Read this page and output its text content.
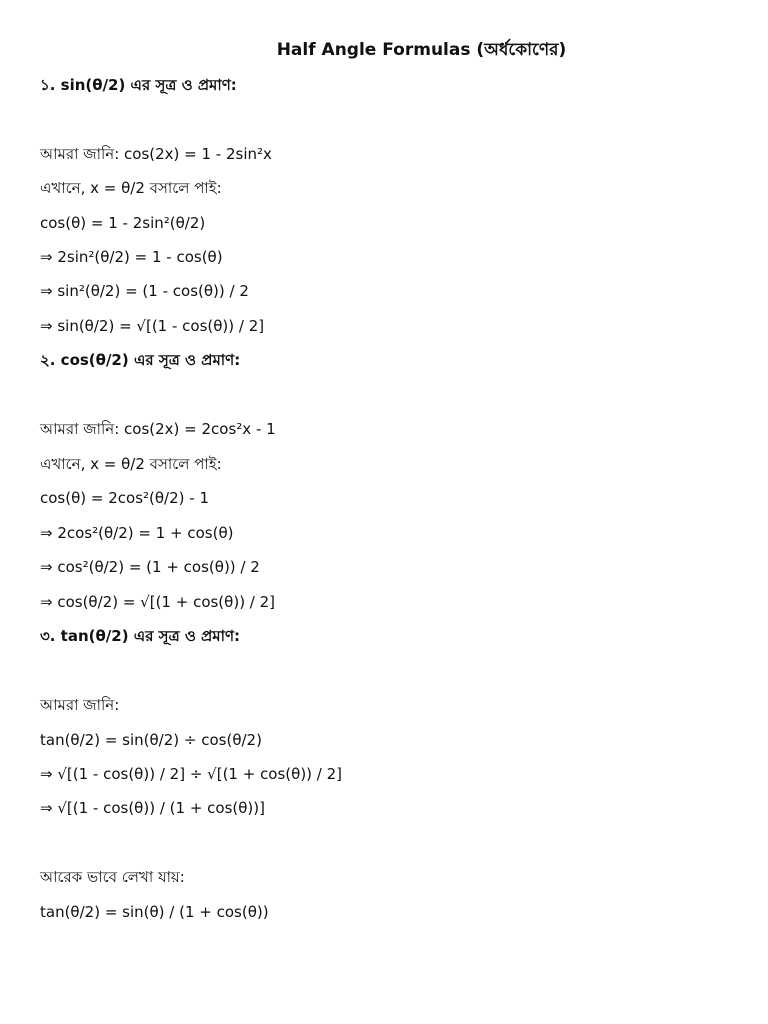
Half Angle Formulas (অর্ধকোণের)
১. sin(θ/2) এর সূত্র ও প্রমাণ:
আমরা জানি: cos(2x) = 1 - 2sin²x
এখানে, x = θ/2 বসালে পাই:
cos(θ) = 1 - 2sin²(θ/2)
⇒ 2sin²(θ/2) = 1 - cos(θ)
⇒ sin²(θ/2) = (1 - cos(θ)) / 2
⇒ sin(θ/2) = √[(1 - cos(θ)) / 2]
২. cos(θ/2) এর সূত্র ও প্রমাণ:
আমরা জানি: cos(2x) = 2cos²x - 1
এখানে, x = θ/2 বসালে পাই:
cos(θ) = 2cos²(θ/2) - 1
⇒ 2cos²(θ/2) = 1 + cos(θ)
⇒ cos²(θ/2) = (1 + cos(θ)) / 2
⇒ cos(θ/2) = √[(1 + cos(θ)) / 2]
৩. tan(θ/2) এর সূত্র ও প্রমাণ:
আমরা জানি:
tan(θ/2) = sin(θ/2) ÷ cos(θ/2)
⇒ √[(1 - cos(θ)) / 2] ÷ √[(1 + cos(θ)) / 2]
⇒ √[(1 - cos(θ)) / (1 + cos(θ))]
আরেক ভাবে লেখা যায়:
tan(θ/2) = sin(θ) / (1 + cos(θ))
